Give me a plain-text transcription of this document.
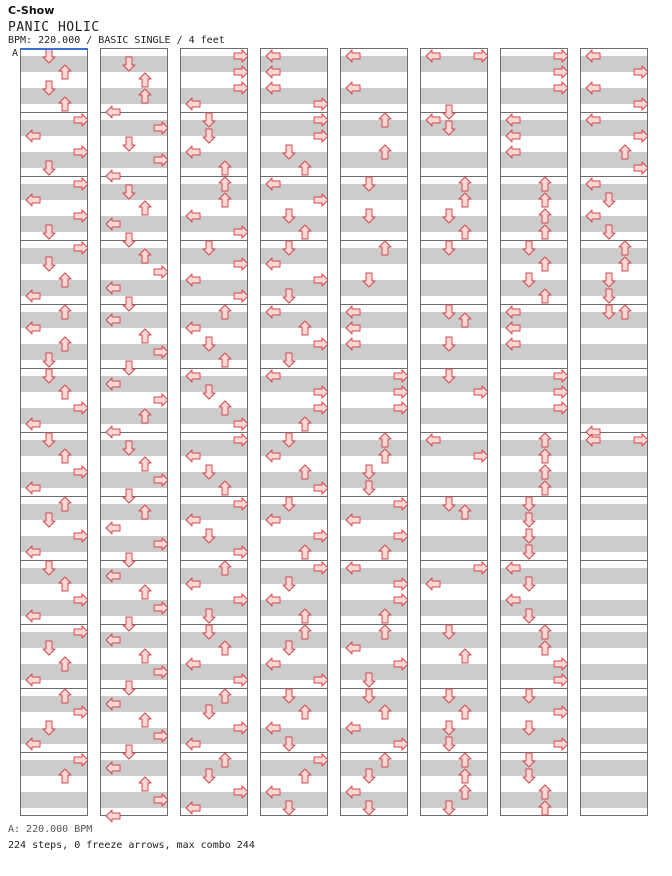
C-Show
PANIC HOLIC
BPM: 220.000 / BASIC SINGLE / 4 feet
A
A: 220.000 BPM
224 steps, 0 freeze arrows, max combo 244
